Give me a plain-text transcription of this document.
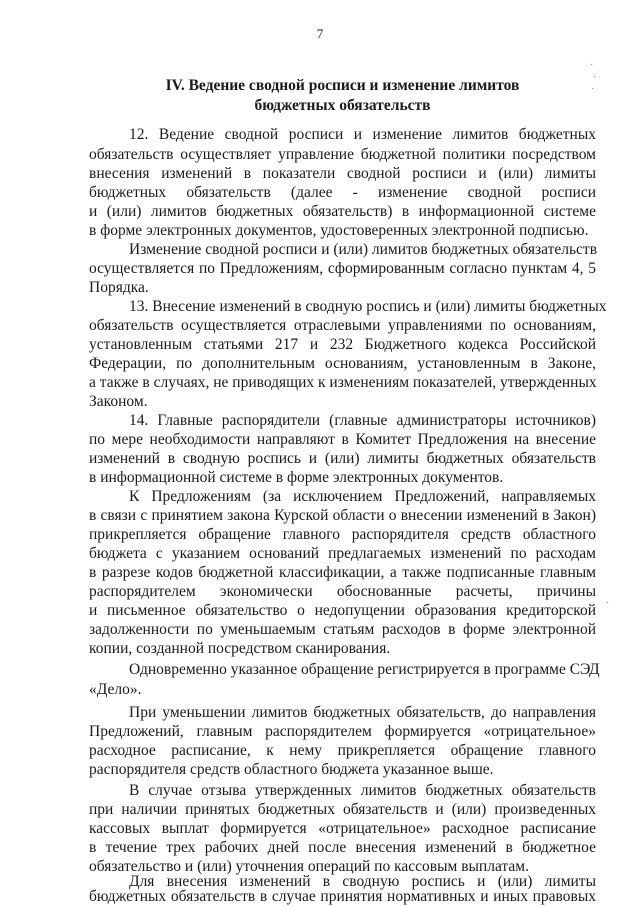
7
IV. Ведение сводной росписи и изменение лимитов
бюджетных обязательств
12. Ведение сводной росписи и изменение лимитов бюджетных
обязательств осуществляет управление бюджетной политики посредством
внесения изменений в показатели сводной росписи и (или) лимиты
бюджетных обязательств (далее - изменение сводной росписи
и (или) лимитов бюджетных обязательств) в информационной системе
в форме электронных документов, удостоверенных электронной подписью.
Изменение сводной росписи и (или) лимитов бюджетных обязательств
осуществляется по Предложениям, сформированным согласно пунктам 4, 5
Порядка.
13. Внесение изменений в сводную роспись и (или) лимиты бюджетных
обязательств осуществляется отраслевыми управлениями по основаниям,
установленным статьями 217 и 232 Бюджетного кодекса Российской
Федерации, по дополнительным основаниям, установленным в Законе,
а также в случаях, не приводящих к изменениям показателей, утвержденных
Законом.
14. Главные распорядители (главные администраторы источников)
по мере необходимости направляют в Комитет Предложения на внесение
изменений в сводную роспись и (или) лимиты бюджетных обязательств
в информационной системе в форме электронных документов.
К Предложениям (за исключением Предложений, направляемых
в связи с принятием закона Курской области о внесении изменений в Закон)
прикрепляется обращение главного распорядителя средств областного
бюджета с указанием оснований предлагаемых изменений по расходам
в разрезе кодов бюджетной классификации, а также подписанные главным
распорядителем экономически обоснованные расчеты, причины
и письменное обязательство о недопущении образования кредиторской
задолженности по уменьшаемым статьям расходов в форме электронной
копии, созданной посредством сканирования.
Одновременно указанное обращение регистрируется в программе СЭД
«Дело».
При уменьшении лимитов бюджетных обязательств, до направления
Предложений, главным распорядителем формируется «отрицательное»
расходное расписание, к нему прикрепляется обращение главного
распорядителя средств областного бюджета указанное выше.
В случае отзыва утвержденных лимитов бюджетных обязательств
при наличии принятых бюджетных обязательств и (или) произведенных
кассовых выплат формируется «отрицательное» расходное расписание
в течение трех рабочих дней после внесения изменений в бюджетное
обязательство и (или) уточнения операций по кассовым выплатам.
Для внесения изменений в сводную роспись и (или) лимиты
бюджетных обязательств в случае принятия нормативных и иных правовых
·
·
·
·
